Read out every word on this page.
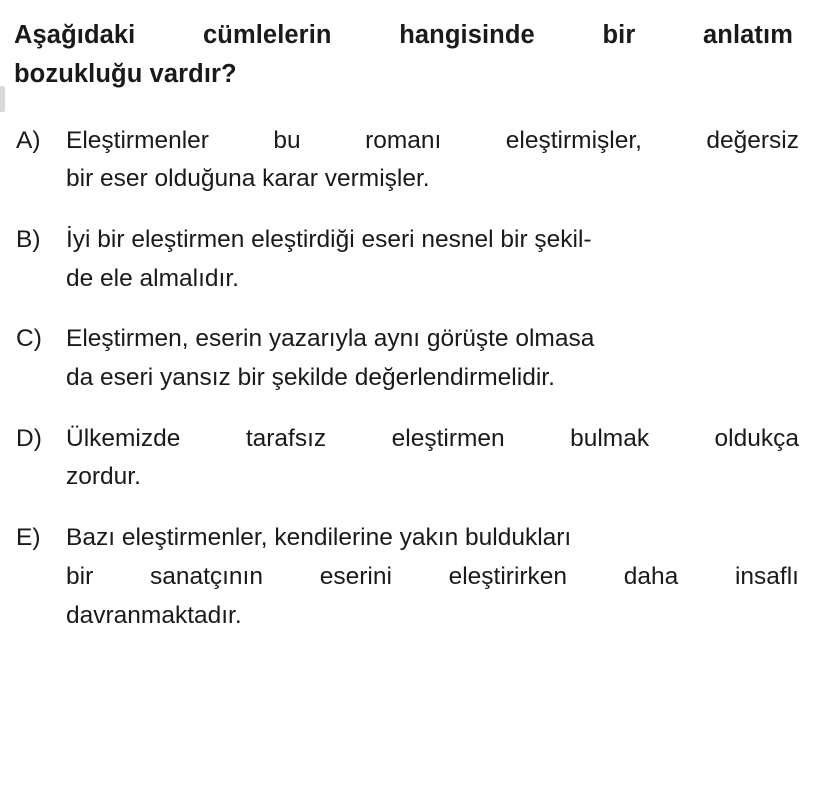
Aşağıdaki cümlelerin hangisinde bir anlatım
bozukluğu vardır?
A)	Eleştirmenler bu romanı eleştirmişler, değersiz
bir eser olduğuna karar vermişler.
B)	İyi bir eleştirmen eleştirdiği eseri nesnel bir şekil-
de ele almalıdır.
C) Eleştirmen, eserin yazarıyla aynı görüşte olmasa
da eseri yansız bir şekilde değerlendirmelidir.
D) Ülkemizde tarafsız eleştirmen bulmak oldukça
zordur.
E)	Bazı eleştirmenler, kendilerine yakın buldukları
bir sanatçının eserini eleştirirken daha insaflı
davranmaktadır.
